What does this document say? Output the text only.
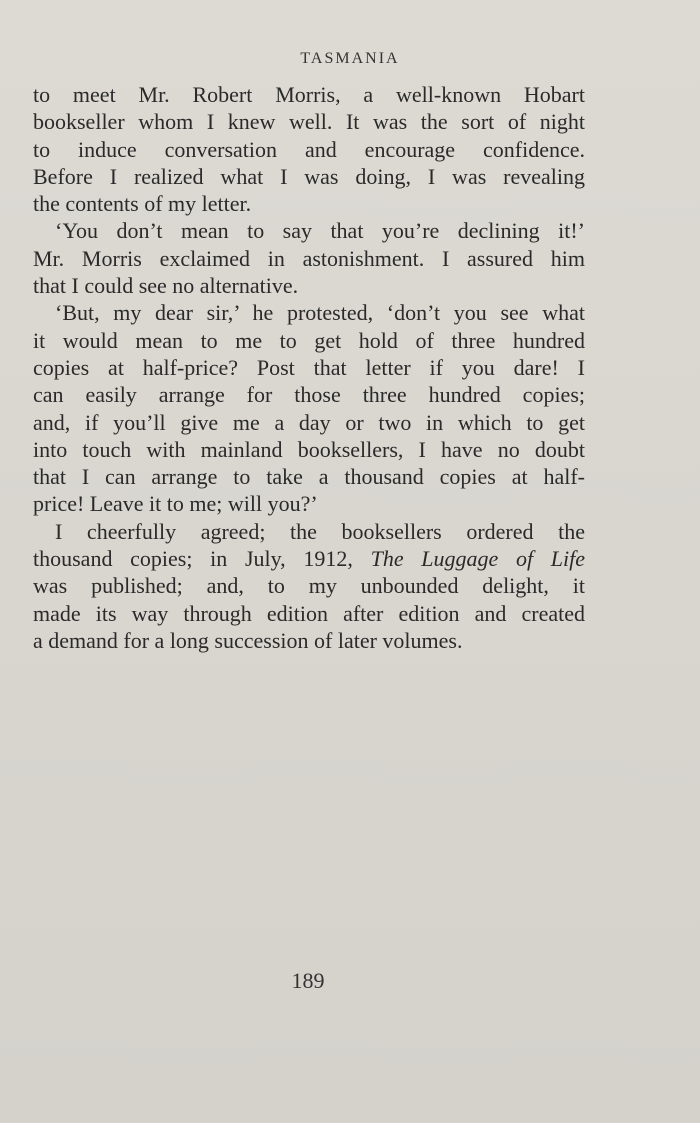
TASMANIA
to meet Mr. Robert Morris, a well-known Hobart
bookseller whom I knew well. It was the sort of night
to induce conversation and encourage confidence.
Before I realized what I was doing, I was revealing
the contents of my letter.
‘You don’t mean to say that you’re declining it!’
Mr. Morris exclaimed in astonishment. I assured him
that I could see no alternative.
‘But, my dear sir,’ he protested, ‘don’t you see what
it would mean to me to get hold of three hundred
copies at half-price? Post that letter if you dare! I
can easily arrange for those three hundred copies;
and, if you’ll give me a day or two in which to get
into touch with mainland booksellers, I have no doubt
that I can arrange to take a thousand copies at half-
price! Leave it to me; will you?’
I cheerfully agreed; the booksellers ordered the
thousand copies; in July, 1912, The Luggage of Life
was published; and, to my unbounded delight, it
made its way through edition after edition and created
a demand for a long succession of later volumes.
189
